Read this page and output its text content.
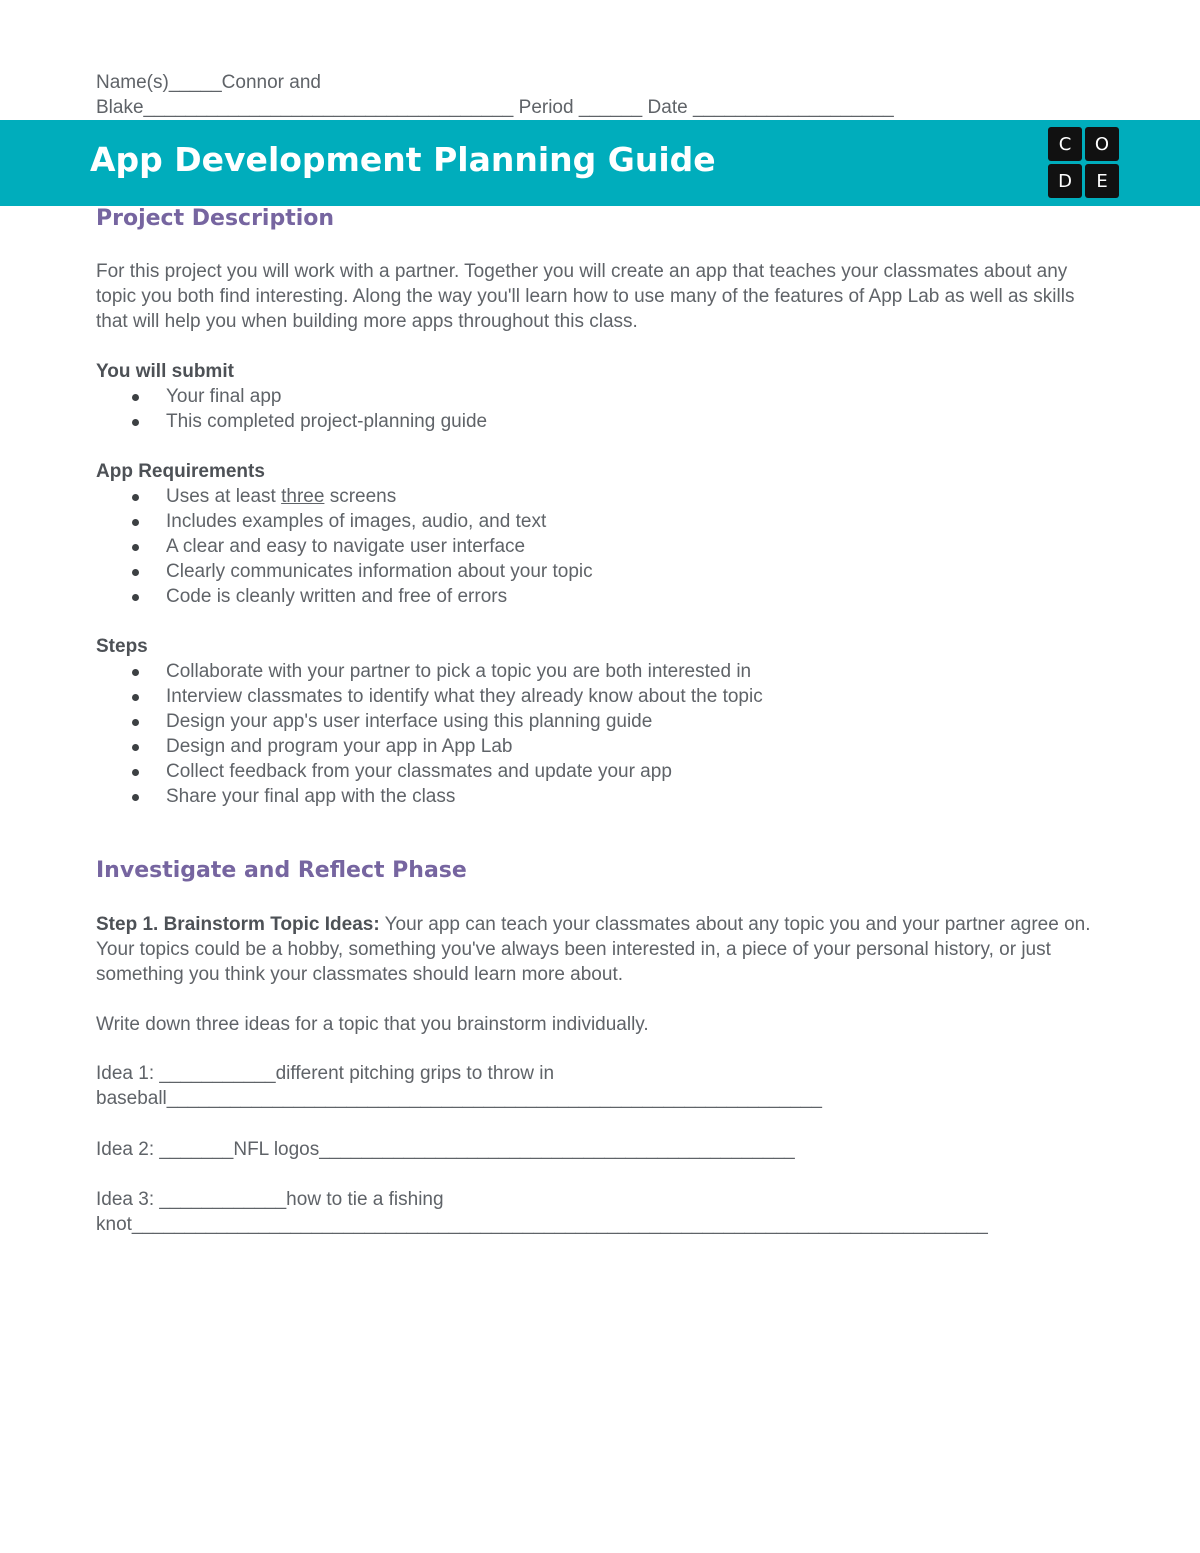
Name(s)_____Connor and
Blake___________________________________ Period ______ Date ___________________
App Development Planning Guide	C	O
D	E
Project Description
For this project you will work with a partner. Together you will create an app that teaches your classmates about any
topic you both find interesting. Along the way you'll learn how to use many of the features of App Lab as well as skills
that will help you when building more apps throughout this class.
You will submit
Your final app
This completed project-planning guide
App Requirements
Uses at least three screens
Includes examples of images, audio, and text
A clear and easy to navigate user interface
Clearly communicates information about your topic
Code is cleanly written and free of errors
Steps
Collaborate with your partner to pick a topic you are both interested in
Interview classmates to identify what they already know about the topic
Design your app's user interface using this planning guide
Design and program your app in App Lab
Collect feedback from your classmates and update your app
Share your final app with the class
Investigate and Reflect Phase
Step 1. Brainstorm Topic Ideas: Your app can teach your classmates about any topic you and your partner agree on.
Your topics could be a hobby, something you've always been interested in, a piece of your personal history, or just
something you think your classmates should learn more about.
Write down three ideas for a topic that you brainstorm individually.
Idea 1: ___________different pitching grips to throw in
baseball______________________________________________________________
Idea 2: _______NFL logos_____________________________________________
Idea 3: ____________how to tie a fishing
knot_________________________________________________________________________________
